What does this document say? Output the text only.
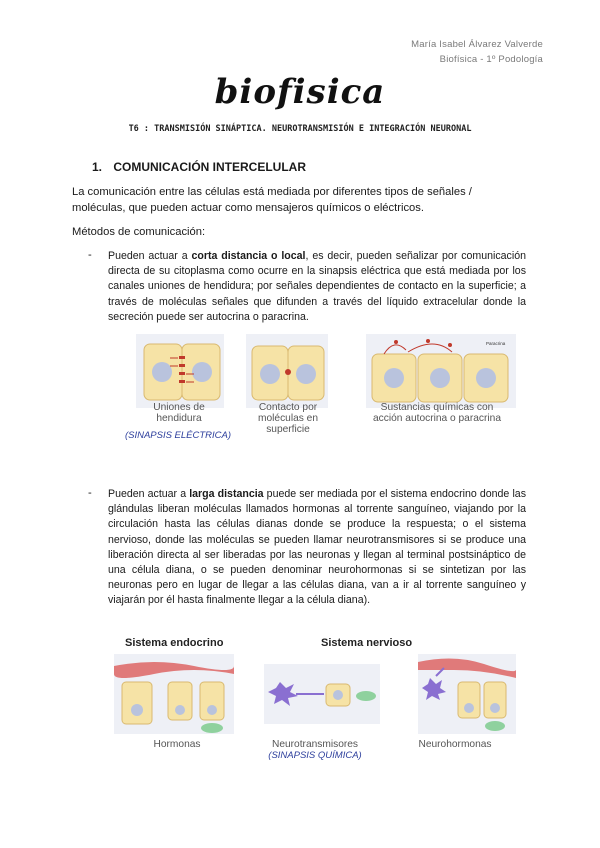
María Isabel Álvarez Valverde
Biofísica - 1º Podología
biofisica
T6 : TRANSMISIÓN SINÁPTICA. NEUROTRANSMISIÓN E INTEGRACIÓN NEURONAL
1. COMUNICACIÓN INTERCELULAR
La comunicación entre las células está mediada por diferentes tipos de señales / moléculas, que pueden actuar como mensajeros químicos o eléctricos.
Métodos de comunicación:
- Pueden actuar a corta distancia o local, es decir, pueden señalizar por comunicación directa de su citoplasma como ocurre en la sinapsis eléctrica que está mediada por los canales uniones de hendidura; por señales dependientes de contacto en la superficie; a través de moléculas señales que difunden a través del líquido extracelular donde la secreción puede ser autocrina o paracrina.
Paracrina
Uniones de
hendidura
(SINAPSIS ELÉCTRICA)
Contacto por
moléculas en
superficie
Sustancias químicas con
acción autocrina o paracrina
- Pueden actuar a larga distancia puede ser mediada por el sistema endocrino donde las glándulas liberan moléculas llamados hormonas al torrente sanguíneo, viajando por la circulación hasta las células dianas donde se produce la respuesta; o el sistema nervioso, donde las moléculas se pueden llamar neurotransmisores si se produce una liberación directa al ser liberadas por las neuronas y llegan al terminal postsináptico de una célula diana, o se pueden denominar neurohormonas si se sintetizan por las neuronas pero en lugar de llegar a las células diana, van a ir al torrente sanguíneo y viajarán por él hasta finalmente llegar a la célula diana).
Sistema endocrino	Sistema nervioso
Hormonas	Neurotransmisores
(SINAPSIS QUÍMICA)
Neurohormonas
